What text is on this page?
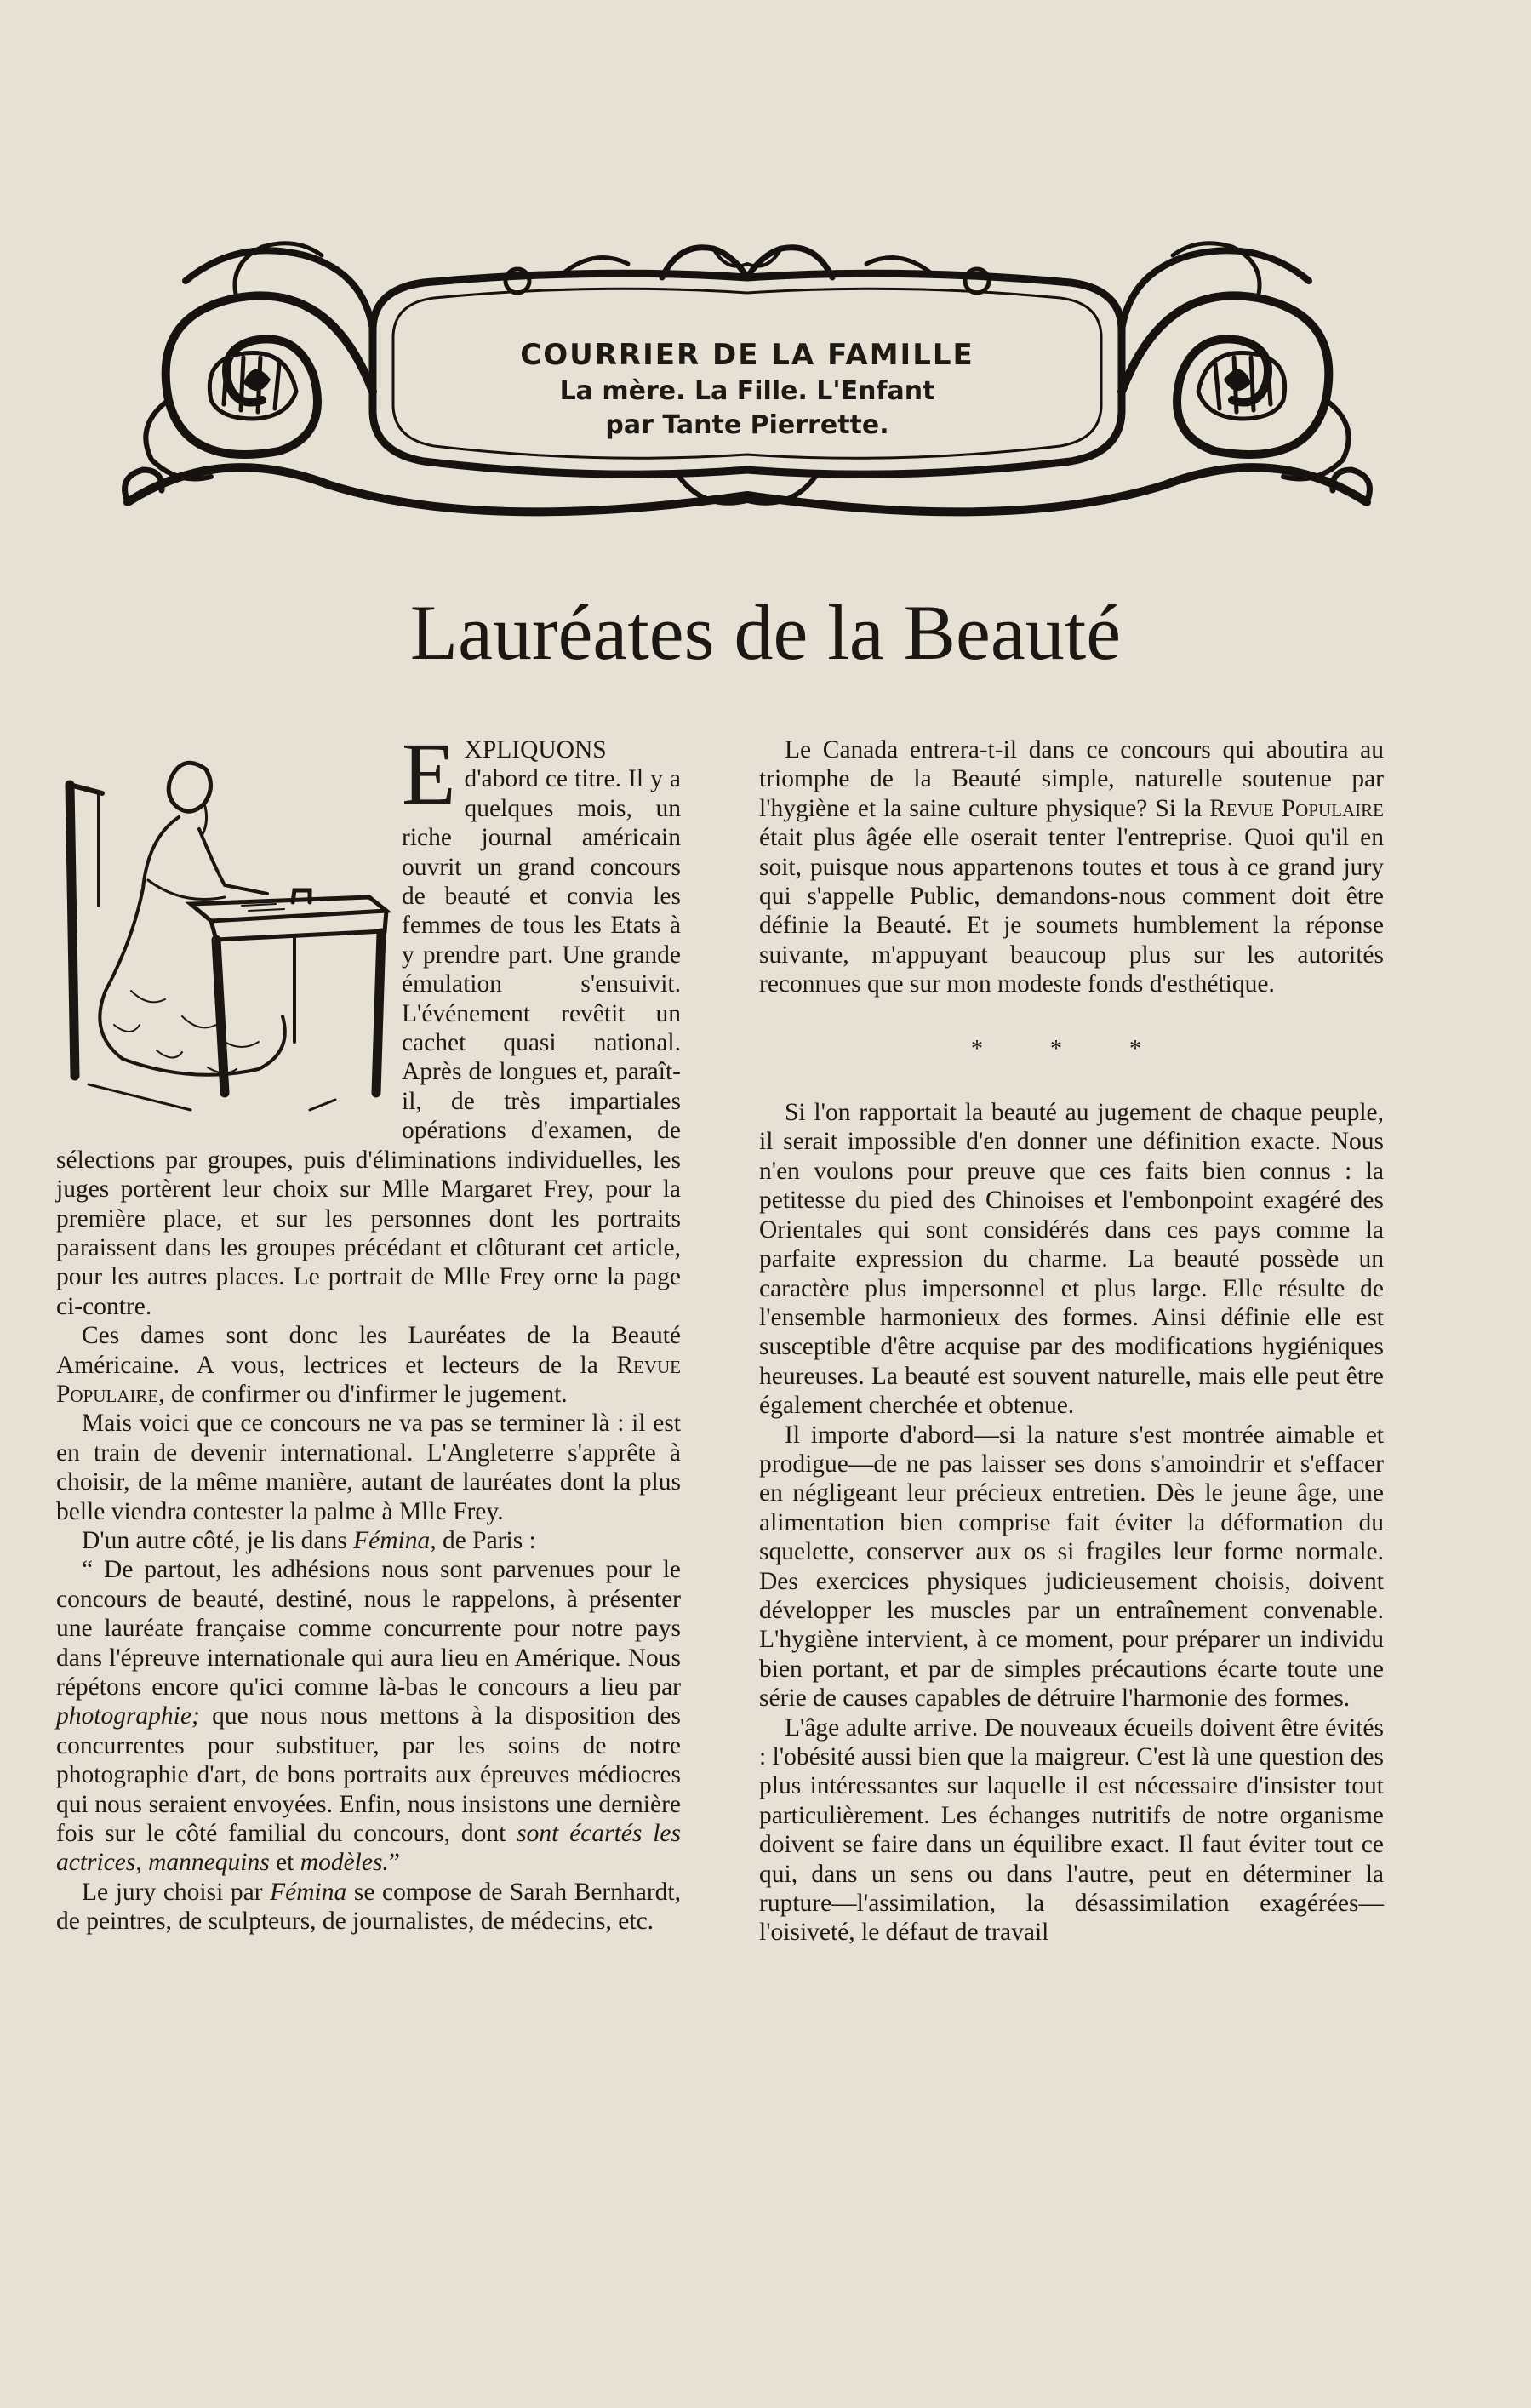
COURRIER DE LA FAMILLE
La mère. La Fille. L'Enfant
par Tante Pierrette.
Lauréates de la Beauté

EXPLIQUONS d'abord ce titre. Il y a quelques mois, un riche journal américain ouvrit un grand concours de beauté et convia les femmes de tous les Etats à y prendre part. Une grande émulation s'ensuivit. L'événement revêtit un cachet quasi national. Après de longues et, paraît-il, de très impartiales opérations d'examen, de sélections par groupes, puis d'éliminations individuelles, les juges portèrent leur choix sur Mlle Margaret Frey, pour la première place, et sur les personnes dont les portraits paraissent dans les groupes précédant et clôturant cet article, pour les autres places. Le portrait de Mlle Frey orne la page ci-contre.

Ces dames sont donc les Lauréates de la Beauté Américaine. A vous, lectrices et lecteurs de la Revue Populaire, de confirmer ou d'infirmer le jugement.

Mais voici que ce concours ne va pas se terminer là : il est en train de devenir international. L'Angleterre s'apprête à choisir, de la même manière, autant de lauréates dont la plus belle viendra contester la palme à Mlle Frey.

D'un autre côté, je lis dans Fémina, de Paris :

“ De partout, les adhésions nous sont parvenues pour le concours de beauté, destiné, nous le rappelons, à présenter une lauréate française comme concurrente pour notre pays dans l'épreuve internationale qui aura lieu en Amérique. Nous répétons encore qu'ici comme là-bas le concours a lieu par photographie; que nous nous mettons à la disposition des concurrentes pour substituer, par les soins de notre photographie d'art, de bons portraits aux épreuves médiocres qui nous seraient envoyées. Enfin, nous insistons une dernière fois sur le côté familial du concours, dont sont écartés les actrices, mannequins et modèles.”

Le jury choisi par Fémina se compose de Sarah Bernhardt, de peintres, de sculpteurs, de journalistes, de médecins, etc.

Le Canada entrera-t-il dans ce concours qui aboutira au triomphe de la Beauté simple, naturelle soutenue par l'hygiène et la saine culture physique? Si la Revue Populaire était plus âgée elle oserait tenter l'entreprise. Quoi qu'il en soit, puisque nous appartenons toutes et tous à ce grand jury qui s'appelle Public, demandons-nous comment doit être définie la Beauté. Et je soumets humblement la réponse suivante, m'appuyant beaucoup plus sur les autorités reconnues que sur mon modeste fonds d'esthétique.

* * *

Si l'on rapportait la beauté au jugement de chaque peuple, il serait impossible d'en donner une définition exacte. Nous n'en voulons pour preuve que ces faits bien connus : la petitesse du pied des Chinoises et l'embonpoint exagéré des Orientales qui sont considérés dans ces pays comme la parfaite expression du charme. La beauté possède un caractère plus impersonnel et plus large. Elle résulte de l'ensemble harmonieux des formes. Ainsi définie elle est susceptible d'être acquise par des modifications hygiéniques heureuses. La beauté est souvent naturelle, mais elle peut être également cherchée et obtenue.

Il importe d'abord—si la nature s'est montrée aimable et prodigue—de ne pas laisser ses dons s'amoindrir et s'effacer en négligeant leur précieux entretien. Dès le jeune âge, une alimentation bien comprise fait éviter la déformation du squelette, conserver aux os si fragiles leur forme normale. Des exercices physiques judicieusement choisis, doivent développer les muscles par un entraînement convenable. L'hygiène intervient, à ce moment, pour préparer un individu bien portant, et par de simples précautions écarte toute une série de causes capables de détruire l'harmonie des formes.

L'âge adulte arrive. De nouveaux écueils doivent être évités : l'obésité aussi bien que la maigreur. C'est là une question des plus intéressantes sur laquelle il est nécessaire d'insister tout particulièrement. Les échanges nutritifs de notre organisme doivent se faire dans un équilibre exact. Il faut éviter tout ce qui, dans un sens ou dans l'autre, peut en déterminer la rupture—l'assimilation, la désassimilation exagérées—l'oisiveté, le défaut de travail
